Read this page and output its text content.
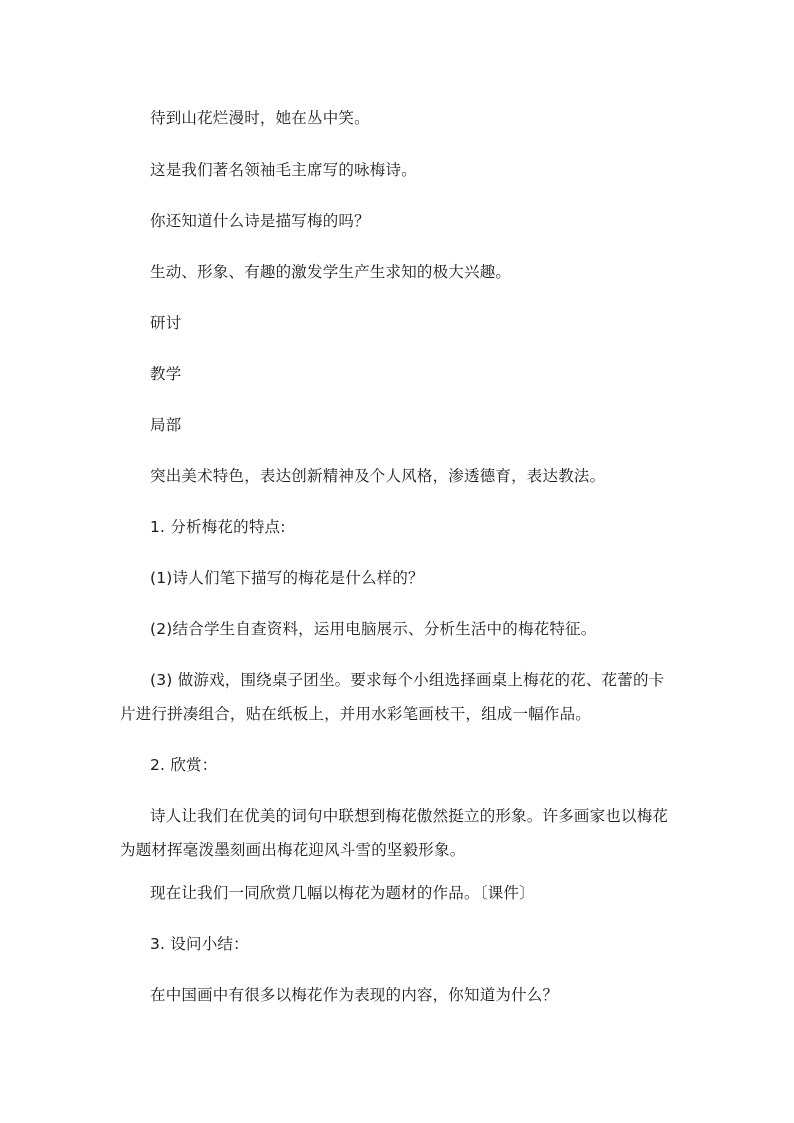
待到山花烂漫时，她在丛中笑。

这是我们著名领袖毛主席写的咏梅诗。

你还知道什么诗是描写梅的吗？

生动、形象、有趣的激发学生产生求知的极大兴趣。

研讨

教学

局部

突出美术特色，表达创新精神及个人风格，渗透德育，表达教法。

1. 分析梅花的特点:

(1)诗人们笔下描写的梅花是什么样的？

(2)结合学生自查资料，运用电脑展示、分析生活中的梅花特征。

(3) 做游戏，围绕桌子团坐。要求每个小组选择画桌上梅花的花、花蕾的卡片进行拼凑组合，贴在纸板上，并用水彩笔画枝干，组成一幅作品。

2. 欣赏：

诗人让我们在优美的词句中联想到梅花傲然挺立的形象。许多画家也以梅花为题材挥毫泼墨刻画出梅花迎风斗雪的坚毅形象。

现在让我们一同欣赏几幅以梅花为题材的作品。〔课件〕

3. 设问小结：

在中国画中有很多以梅花作为表现的内容，你知道为什么？
